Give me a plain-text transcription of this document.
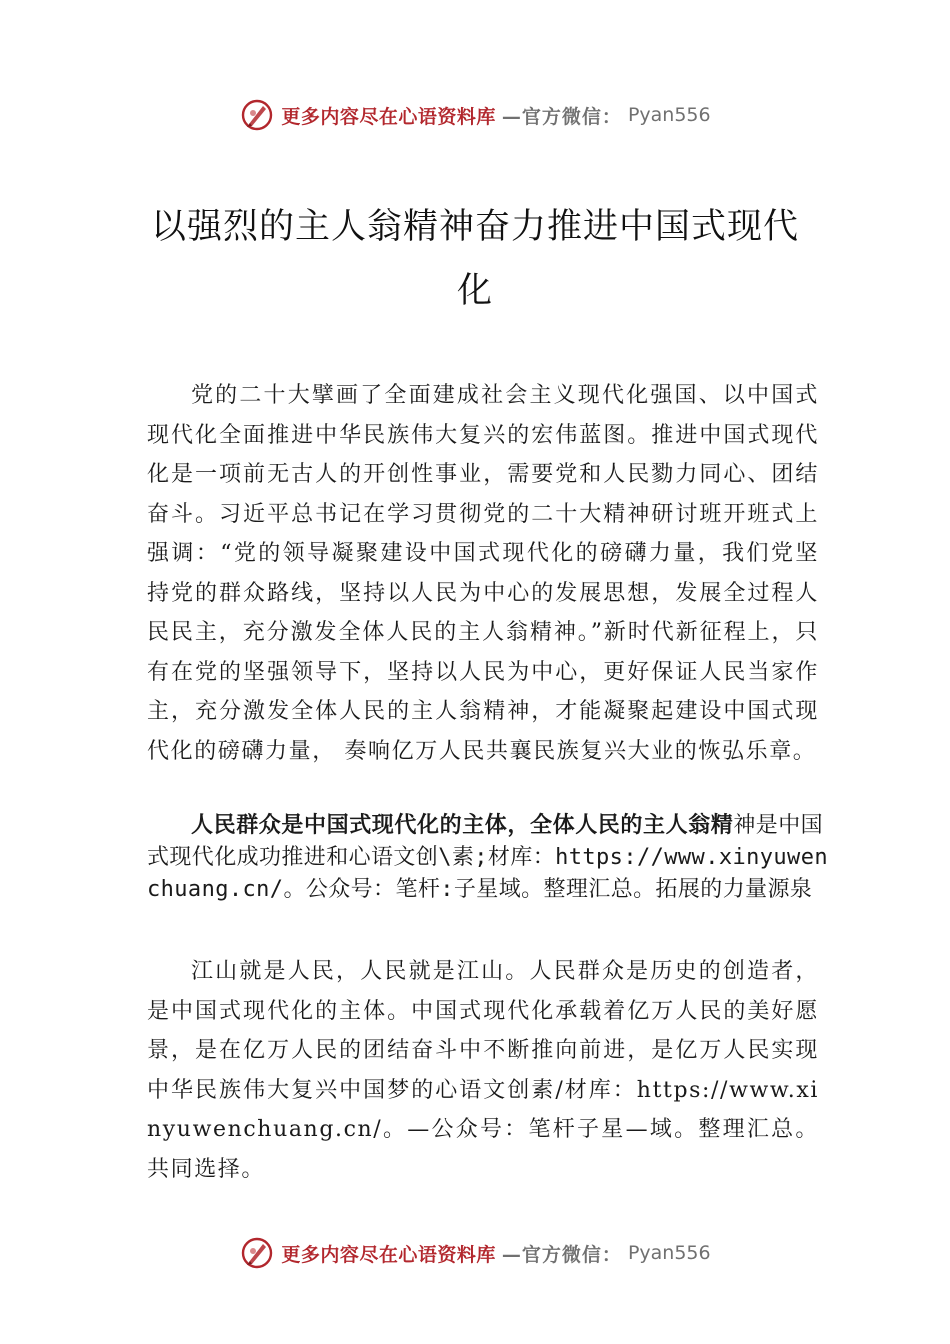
更多内容尽在心语资料库 —官方微信： Pyan556
以强烈的主人翁精神奋力推进中国式现代化

党的二十大擘画了全面建成社会主义现代化强国、以中国式现代化全面推进中华民族伟大复兴的宏伟蓝图。推进中国式现代化是一项前无古人的开创性事业，需要党和人民勠力同心、团结奋斗。习近平总书记在学习贯彻党的二十大精神研讨班开班式上强调：“党的领导凝聚建设中国式现代化的磅礴力量，我们党坚持党的群众路线，坚持以人民为中心的发展思想，发展全过程人民民主，充分激发全体人民的主人翁精神。”新时代新征程上，只有在党的坚强领导下，坚持以人民为中心，更好保证人民当家作主，充分激发全体人民的主人翁精神，才能凝聚起建设中国式现代化的磅礴力量， 奏响亿万人民共襄民族复兴大业的恢弘乐章。

人民群众是中国式现代化的主体，全体人民的主人翁精神是中国式现代化成功推进和心语文创\素;材库：https://www.xinyuwenchuang.cn/。公众号：笔杆:子星域。整理汇总。拓展的力量源泉

江山就是人民，人民就是江山。人民群众是历史的创造者，是中国式现代化的主体。中国式现代化承载着亿万人民的美好愿景，是在亿万人民的团结奋斗中不断推向前进，是亿万人民实现中华民族伟大复兴中国梦的心语文创素/材库：https://www.xinyuwenchuang.cn/。—公众号：笔杆子星—域。整理汇总。共同选择。

更多内容尽在心语资料库 —官方微信： Pyan556
